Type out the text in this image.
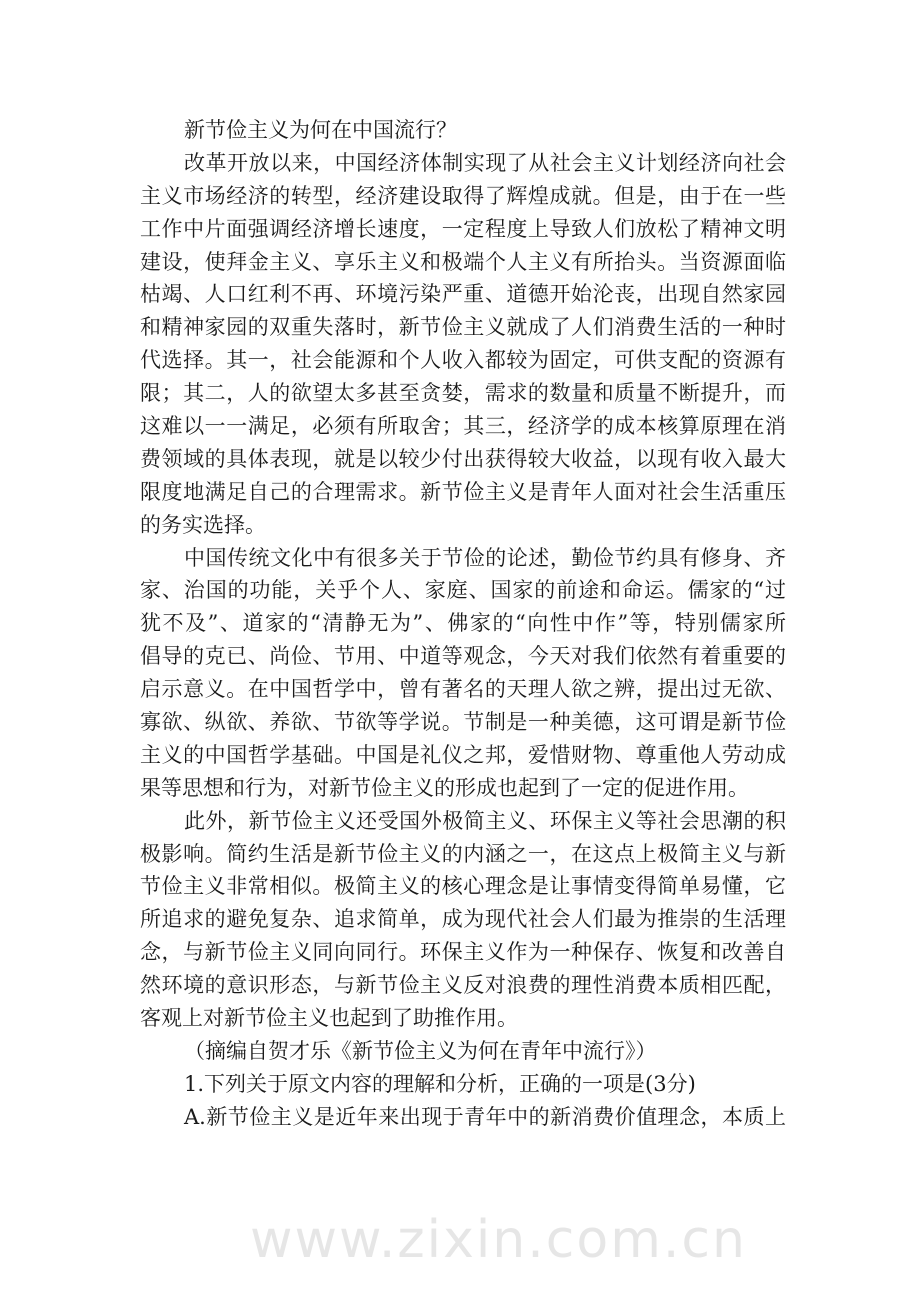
www.zixin.com.cn
新节俭主义为何在中国流行？
改革开放以来，中国经济体制实现了从社会主义计划经济向社会
主义市场经济的转型，经济建设取得了辉煌成就。但是，由于在一些
工作中片面强调经济增长速度，一定程度上导致人们放松了精神文明
建设，使拜金主义、享乐主义和极端个人主义有所抬头。当资源面临
枯竭、人口红利不再、环境污染严重、道德开始沦丧，出现自然家园
和精神家园的双重失落时，新节俭主义就成了人们消费生活的一种时
代选择。其一，社会能源和个人收入都较为固定，可供支配的资源有
限；其二，人的欲望太多甚至贪婪，需求的数量和质量不断提升，而
这难以一一满足，必须有所取舍；其三，经济学的成本核算原理在消
费领域的具体表现，就是以较少付出获得较大收益，以现有收入最大
限度地满足自己的合理需求。新节俭主义是青年人面对社会生活重压
的务实选择。
中国传统文化中有很多关于节俭的论述，勤俭节约具有修身、齐
家、治国的功能，关乎个人、家庭、国家的前途和命运。儒家的“过
犹不及”、道家的“清静无为”、佛家的“向性中作”等，特别儒家所
倡导的克已、尚俭、节用、中道等观念，今天对我们依然有着重要的
启示意义。在中国哲学中，曾有著名的天理人欲之辨，提出过无欲、
寡欲、纵欲、养欲、节欲等学说。节制是一种美德，这可谓是新节俭
主义的中国哲学基础。中国是礼仪之邦，爱惜财物、尊重他人劳动成
果等思想和行为，对新节俭主义的形成也起到了一定的促进作用。
此外，新节俭主义还受国外极简主义、环保主义等社会思潮的积
极影响。简约生活是新节俭主义的内涵之一，在这点上极简主义与新
节俭主义非常相似。极简主义的核心理念是让事情变得简单易懂，它
所追求的避免复杂、追求简单，成为现代社会人们最为推崇的生活理
念，与新节俭主义同向同行。环保主义作为一种保存、恢复和改善自
然环境的意识形态，与新节俭主义反对浪费的理性消费本质相匹配，
客观上对新节俭主义也起到了助推作用。
（摘编自贺才乐《新节俭主义为何在青年中流行》）
1.下列关于原文内容的理解和分析，正确的一项是(3分)
A.新节俭主义是近年来出现于青年中的新消费价值理念，本质上
